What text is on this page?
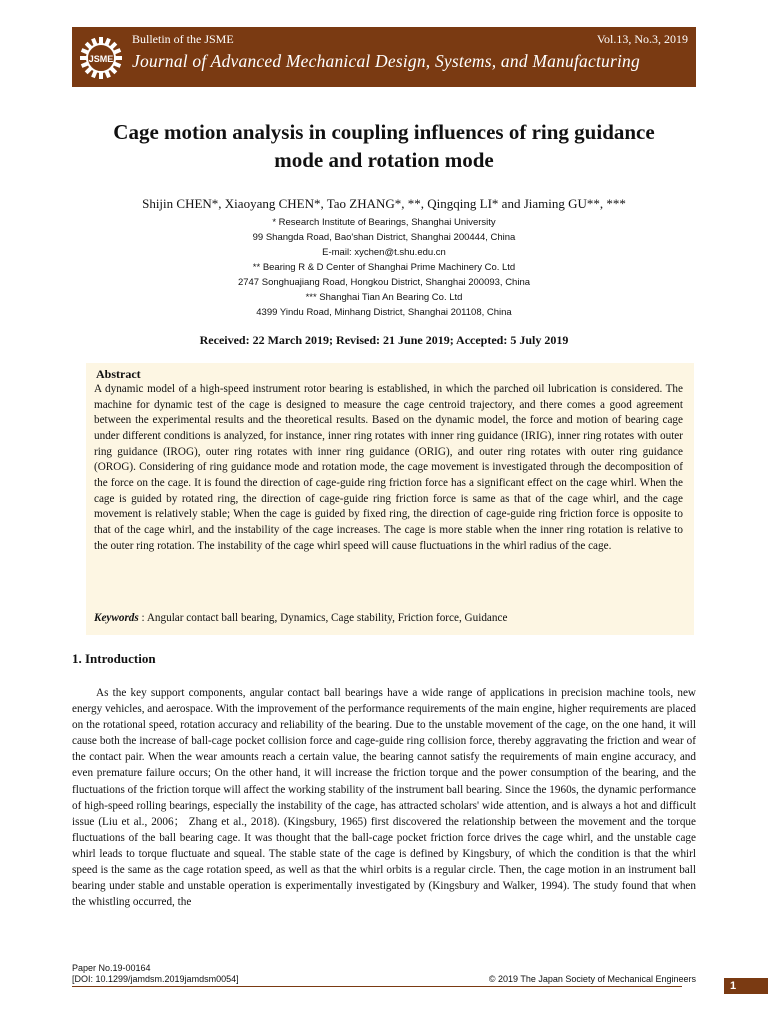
JSME
Bulletin of the JSME	Vol.13, No.3, 2019
Journal of Advanced Mechanical Design, Systems, and Manufacturing
Cage motion analysis in coupling influences of ring guidance
mode and rotation mode
Shijin CHEN*, Xiaoyang CHEN*, Tao ZHANG*, **, Qingqing LI* and Jiaming GU**, ***
* Research Institute of Bearings, Shanghai University
99 Shangda Road, Bao'shan District, Shanghai 200444, China
E-mail: xychen@t.shu.edu.cn
** Bearing R & D Center of Shanghai Prime Machinery Co. Ltd
2747 Songhuajiang Road, Hongkou District, Shanghai 200093, China
*** Shanghai Tian An Bearing Co. Ltd
4399 Yindu Road, Minhang District, Shanghai 201108, China
Received: 22 March 2019; Revised: 21 June 2019; Accepted: 5 July 2019
Abstract
A dynamic model of a high-speed instrument rotor bearing is established, in which the parched oil lubrication is considered. The machine for dynamic test of the cage is designed to measure the cage centroid trajectory, and there comes a good agreement between the experimental results and the theoretical results. Based on the dynamic model, the force and motion of bearing cage under different conditions is analyzed, for instance, inner ring rotates with inner ring guidance (IRIG), inner ring rotates with outer ring guidance (IROG), outer ring rotates with inner ring guidance (ORIG), and outer ring rotates with outer ring guidance (OROG). Considering of ring guidance mode and rotation mode, the cage movement is investigated through the decomposition of the force on the cage. It is found the direction of cage-guide ring friction force has a significant effect on the cage whirl. When the cage is guided by rotated ring, the direction of cage-guide ring friction force is same as that of the cage whirl, and the cage movement is relatively stable; When the cage is guided by fixed ring, the direction of cage-guide ring friction force is opposite to that of the cage whirl, and the instability of the cage increases. The cage is more stable when the inner ring rotation is relative to the outer ring rotation. The instability of the cage whirl speed will cause fluctuations in the whirl radius of the cage.
Keywords : Angular contact ball bearing, Dynamics, Cage stability, Friction force, Guidance
1. Introduction
As the key support components, angular contact ball bearings have a wide range of applications in precision machine tools, new energy vehicles, and aerospace. With the improvement of the performance requirements of the main engine, higher requirements are placed on the rotational speed, rotation accuracy and reliability of the bearing. Due to the unstable movement of the cage, on the one hand, it will cause both the increase of ball-cage pocket collision force and cage-guide ring collision force, thereby aggravating the friction and wear of the contact pair. When the wear amounts reach a certain value, the bearing cannot satisfy the requirements of main engine accuracy, and even premature failure occurs; On the other hand, it will increase the friction torque and the power consumption of the bearing, and the fluctuations of the friction torque will affect the working stability of the instrument ball bearing. Since the 1960s, the dynamic performance of high-speed rolling bearings, especially the instability of the cage, has attracted scholars' wide attention, and is always a hot and difficult issue (Liu et al., 2006； Zhang et al., 2018). (Kingsbury, 1965) first discovered the relationship between the movement and the torque fluctuations of the ball bearing cage. It was thought that the ball-cage pocket friction force drives the cage whirl, and the unstable cage whirl leads to torque fluctuate and squeal. The stable state of the cage is defined by Kingsbury, of which the condition is that the whirl speed is the same as the cage rotation speed, as well as that the whirl orbits is a regular circle. Then, the cage motion in an instrument ball bearing under stable and unstable operation is experimentally investigated by (Kingsbury and Walker, 1994). The study found that when the whistling occurred, the
Paper No.19-00164
[DOI: 10.1299/jamdsm.2019jamdsm0054]	© 2019 The Japan Society of Mechanical Engineers
1
